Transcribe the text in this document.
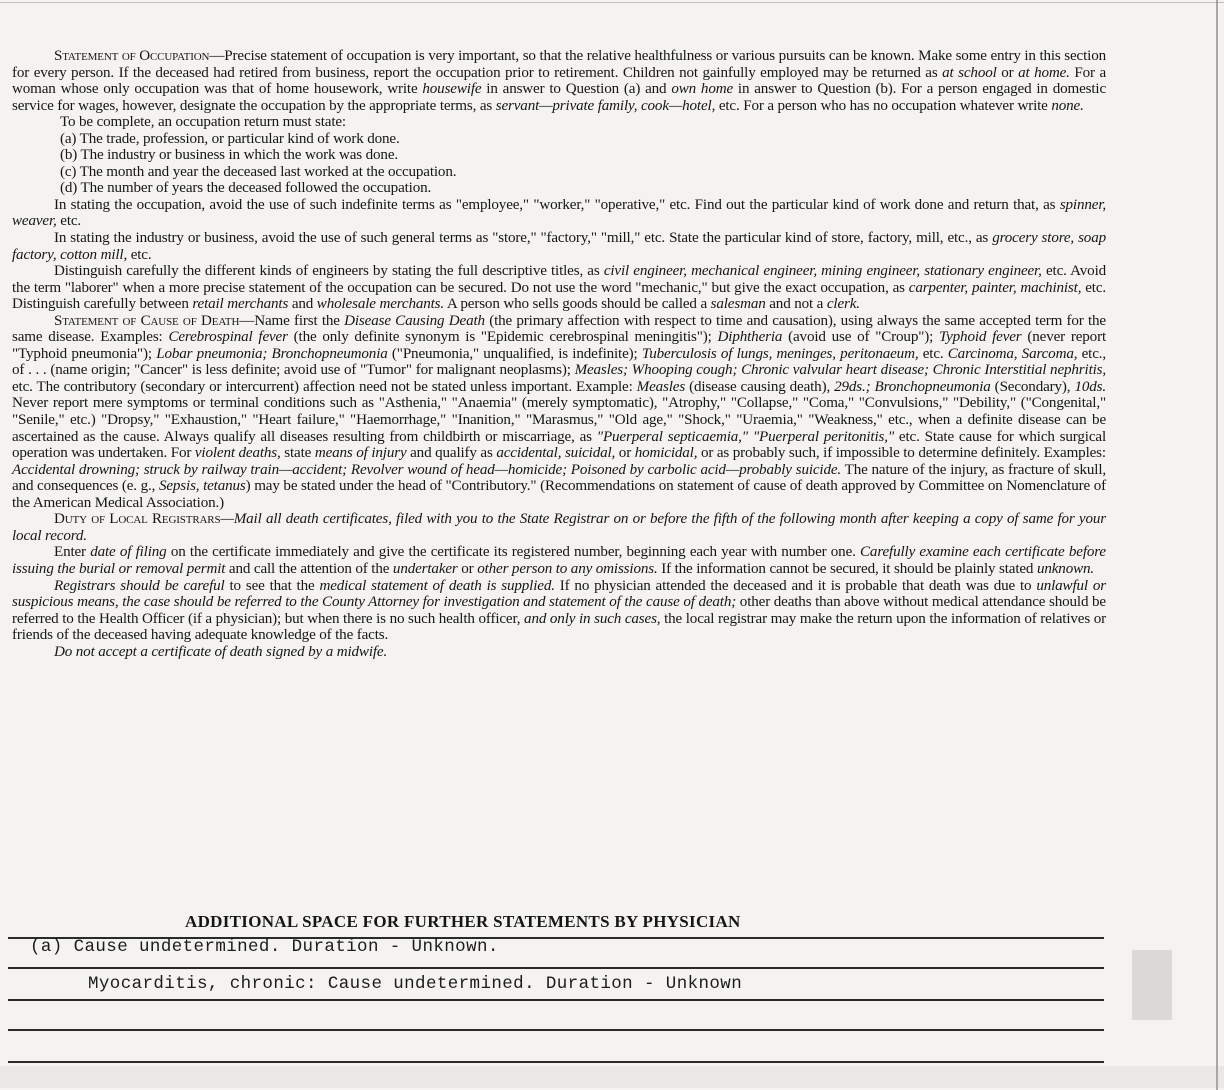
Statement of Occupation—Precise statement of occupation is very important, so that the relative healthfulness or various pursuits can be known. Make some entry in this section for every person. If the deceased had retired from business, report the occupation prior to retirement. Children not gainfully employed may be returned as at school or at home. For a woman whose only occupation was that of home housework, write housewife in answer to Question (a) and own home in answer to Question (b). For a person engaged in domestic service for wages, however, designate the occupation by the appropriate terms, as servant—private family, cook—hotel, etc. For a person who has no occupation whatever write none.

To be complete, an occupation return must state:
(a) The trade, profession, or particular kind of work done.
(b) The industry or business in which the work was done.
(c) The month and year the deceased last worked at the occupation.
(d) The number of years the deceased followed the occupation.

In stating the occupation, avoid the use of such indefinite terms as "employee," "worker," "operative," etc. Find out the particular kind of work done and return that, as spinner, weaver, etc.

In stating the industry or business, avoid the use of such general terms as "store," "factory," "mill," etc. State the particular kind of store, factory, mill, etc., as grocery store, soap factory, cotton mill, etc.

Distinguish carefully the different kinds of engineers by stating the full descriptive titles, as civil engineer, mechanical engineer, mining engineer, stationary engineer, etc. Avoid the term "laborer" when a more precise statement of the occupation can be secured. Do not use the word "mechanic," but give the exact occupation, as carpenter, painter, machinist, etc. Distinguish carefully between retail merchants and wholesale merchants. A person who sells goods should be called a salesman and not a clerk.

Statement of Cause of Death—Name first the Disease Causing Death (the primary affection with respect to time and causation), using always the same accepted term for the same disease. Examples: Cerebrospinal fever (the only definite synonym is "Epidemic cerebrospinal meningitis"); Diphtheria (avoid use of "Croup"); Typhoid fever (never report "Typhoid pneumonia"); Lobar pneumonia; Bronchopneumonia ("Pneumonia," unqualified, is indefinite); Tuberculosis of lungs, meninges, peritonaeum, etc. Carcinoma, Sarcoma, etc., of . . . (name origin; "Cancer" is less definite; avoid use of "Tumor" for malignant neoplasms); Measles; Whooping cough; Chronic valvular heart disease; Chronic Interstitial nephritis, etc. The contributory (secondary or intercurrent) affection need not be stated unless important. Example: Measles (disease causing death), 29ds.; Bronchopneumonia (Secondary), 10ds. Never report mere symptoms or terminal conditions such as "Asthenia," "Anaemia" (merely symptomatic), "Atrophy," "Collapse," "Coma," "Convulsions," "Debility," ("Congenital," "Senile," etc.) "Dropsy," "Exhaustion," "Heart failure," "Haemorrhage," "Inanition," "Marasmus," "Old age," "Shock," "Uraemia," "Weakness," etc., when a definite disease can be ascertained as the cause. Always qualify all diseases resulting from childbirth or miscarriage, as "Puerperal septicaemia," "Puerperal peritonitis," etc. State cause for which surgical operation was undertaken. For violent deaths, state means of injury and qualify as accidental, suicidal, or homicidal, or as probably such, if impossible to determine definitely. Examples: Accidental drowning; struck by railway train—accident; Revolver wound of head—homicide; Poisoned by carbolic acid—probably suicide. The nature of the injury, as fracture of skull, and consequences (e. g., Sepsis, tetanus) may be stated under the head of "Contributory." (Recommendations on statement of cause of death approved by Committee on Nomenclature of the American Medical Association.)

Duty of Local Registrars—Mail all death certificates, filed with you to the State Registrar on or before the fifth of the following month after keeping a copy of same for your local record.

Enter date of filing on the certificate immediately and give the certificate its registered number, beginning each year with number one. Carefully examine each certificate before issuing the burial or removal permit and call the attention of the undertaker or other person to any omissions. If the information cannot be secured, it should be plainly stated unknown.

Registrars should be careful to see that the medical statement of death is supplied. If no physician attended the deceased and it is probable that death was due to unlawful or suspicious means, the case should be referred to the County Attorney for investigation and statement of the cause of death; other deaths than above without medical attendance should be referred to the Health Officer (if a physician); but when there is no such health officer, and only in such cases, the local registrar may make the return upon the information of relatives or friends of the deceased having adequate knowledge of the facts.

Do not accept a certificate of death signed by a midwife.

ADDITIONAL SPACE FOR FURTHER STATEMENTS BY PHYSICIAN
(a) Cause undetermined. Duration - Unknown.
Myocarditis, chronic: Cause undetermined. Duration - Unknown
